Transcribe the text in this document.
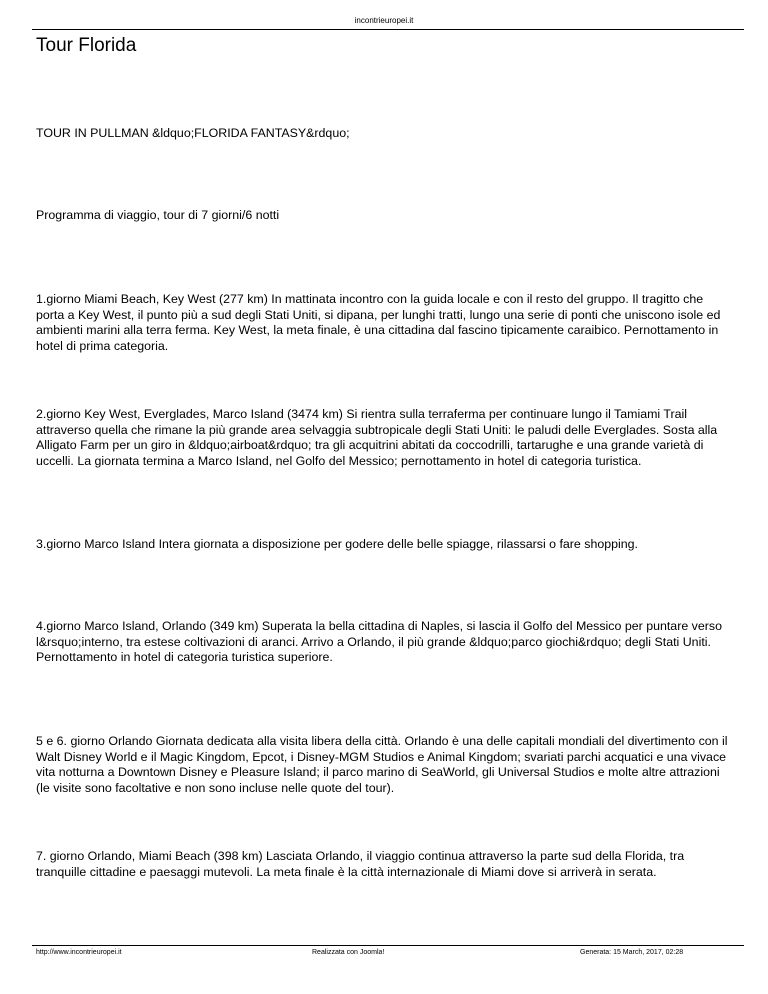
incontrieuropei.it
Tour Florida

TOUR IN PULLMAN &ldquo;FLORIDA FANTASY&rdquo;

Programma di viaggio, tour di 7 giorni/6 notti

1.giorno Miami Beach, Key West (277 km) In mattinata incontro con la guida locale e con il resto del gruppo. Il tragitto che porta a Key West, il punto più a sud degli Stati Uniti, si dipana, per lunghi tratti, lungo una serie di ponti che uniscono isole ed ambienti marini alla terra ferma. Key West, la meta finale, è una cittadina dal fascino tipicamente caraibico. Pernottamento in hotel di prima categoria.

2.giorno Key West, Everglades, Marco Island (3474 km) Si rientra sulla terraferma per continuare lungo il Tamiami Trail attraverso quella che rimane la più grande area selvaggia subtropicale degli Stati Uniti: le paludi delle Everglades. Sosta alla Alligato Farm per un giro in &ldquo;airboat&rdquo; tra gli acquitrini abitati da coccodrilli, tartarughe e una grande varietà di uccelli. La giornata termina a Marco Island, nel Golfo del Messico; pernottamento in hotel di categoria turistica.

3.giorno Marco Island Intera giornata a disposizione per godere delle belle spiagge, rilassarsi o fare shopping.

4.giorno Marco Island, Orlando (349 km) Superata la bella cittadina di Naples, si lascia il Golfo del Messico per puntare verso l&rsquo;interno, tra estese coltivazioni di aranci. Arrivo a Orlando, il più grande &ldquo;parco giochi&rdquo; degli Stati Uniti. Pernottamento in hotel di categoria turistica superiore.

5 e 6. giorno Orlando Giornata dedicata alla visita libera della città. Orlando è una delle capitali mondiali del divertimento con il Walt Disney World e il Magic Kingdom, Epcot, i Disney-MGM Studios e Animal Kingdom; svariati parchi acquatici e una vivace vita notturna a Downtown Disney e Pleasure Island; il parco marino di SeaWorld, gli Universal Studios e molte altre attrazioni (le visite sono facoltative e non sono incluse nelle quote del tour).

7. giorno Orlando, Miami Beach (398 km) Lasciata Orlando, il viaggio continua attraverso la parte sud della Florida, tra tranquille cittadine e paesaggi mutevoli. La meta finale è la città internazionale di Miami dove si arriverà in serata.

http://www.incontrieuropei.it	Realizzata con Joomla!	Generata: 15 March, 2017, 02:28
